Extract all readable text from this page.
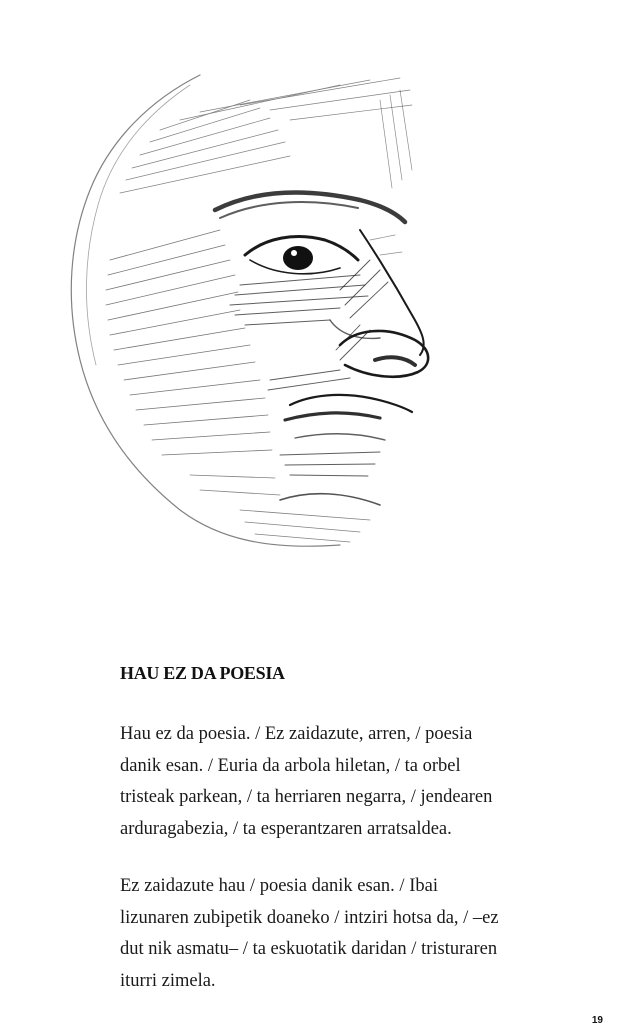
HAU EZ DA POESIA

Hau ez da poesia. / Ez zaidazute, arren, / poesia
danik esan. / Euria da arbola hiletan, / ta orbel
tristeak parkean, / ta herriaren negarra, / jendearen
arduragabezia, / ta esperantzaren arratsaldea.

Ez zaidazute hau / poesia danik esan. / Ibai
lizunaren zubipetik doaneko / intziri hotsa da, / –ez
dut nik asmatu– / ta eskuotatik daridan / tristuraren
iturri zimela.

19
